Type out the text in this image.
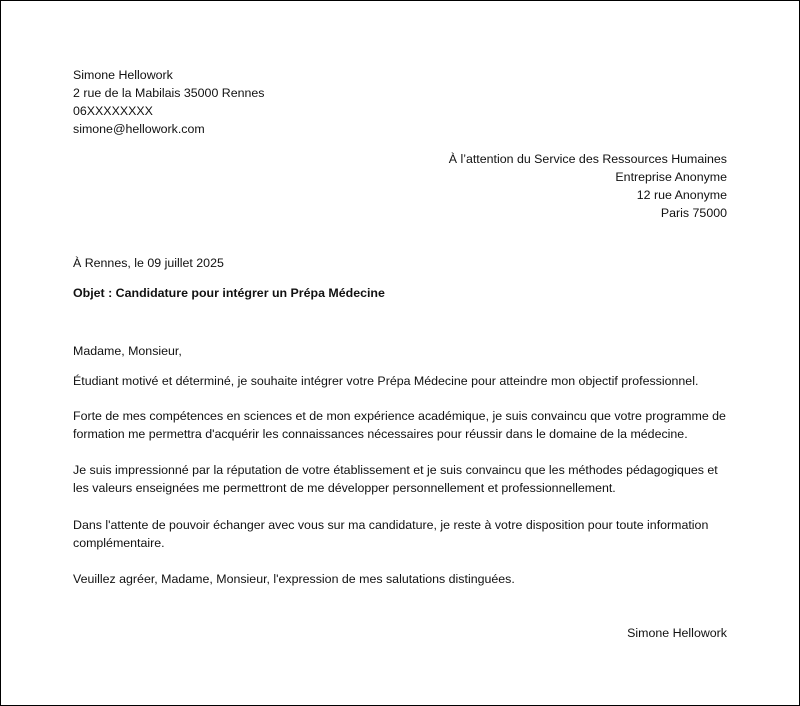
Simone Hellowork
2 rue de la Mabilais 35000 Rennes
06XXXXXXXX
simone@hellowork.com
À l’attention du Service des Ressources Humaines
Entreprise Anonyme
12 rue Anonyme
Paris 75000
À Rennes, le 09 juillet 2025
Objet : Candidature pour intégrer un Prépa Médecine
Madame, Monsieur,

Étudiant motivé et déterminé, je souhaite intégrer votre Prépa Médecine pour atteindre mon objectif professionnel.

Forte de mes compétences en sciences et de mon expérience académique, je suis convaincu que votre programme de formation me permettra d'acquérir les connaissances nécessaires pour réussir dans le domaine de la médecine.

Je suis impressionné par la réputation de votre établissement et je suis convaincu que les méthodes pédagogiques et les valeurs enseignées me permettront de me développer personnellement et professionnellement.

Dans l'attente de pouvoir échanger avec vous sur ma candidature, je reste à votre disposition pour toute information complémentaire.

Veuillez agréer, Madame, Monsieur, l'expression de mes salutations distinguées.

Simone Hellowork
